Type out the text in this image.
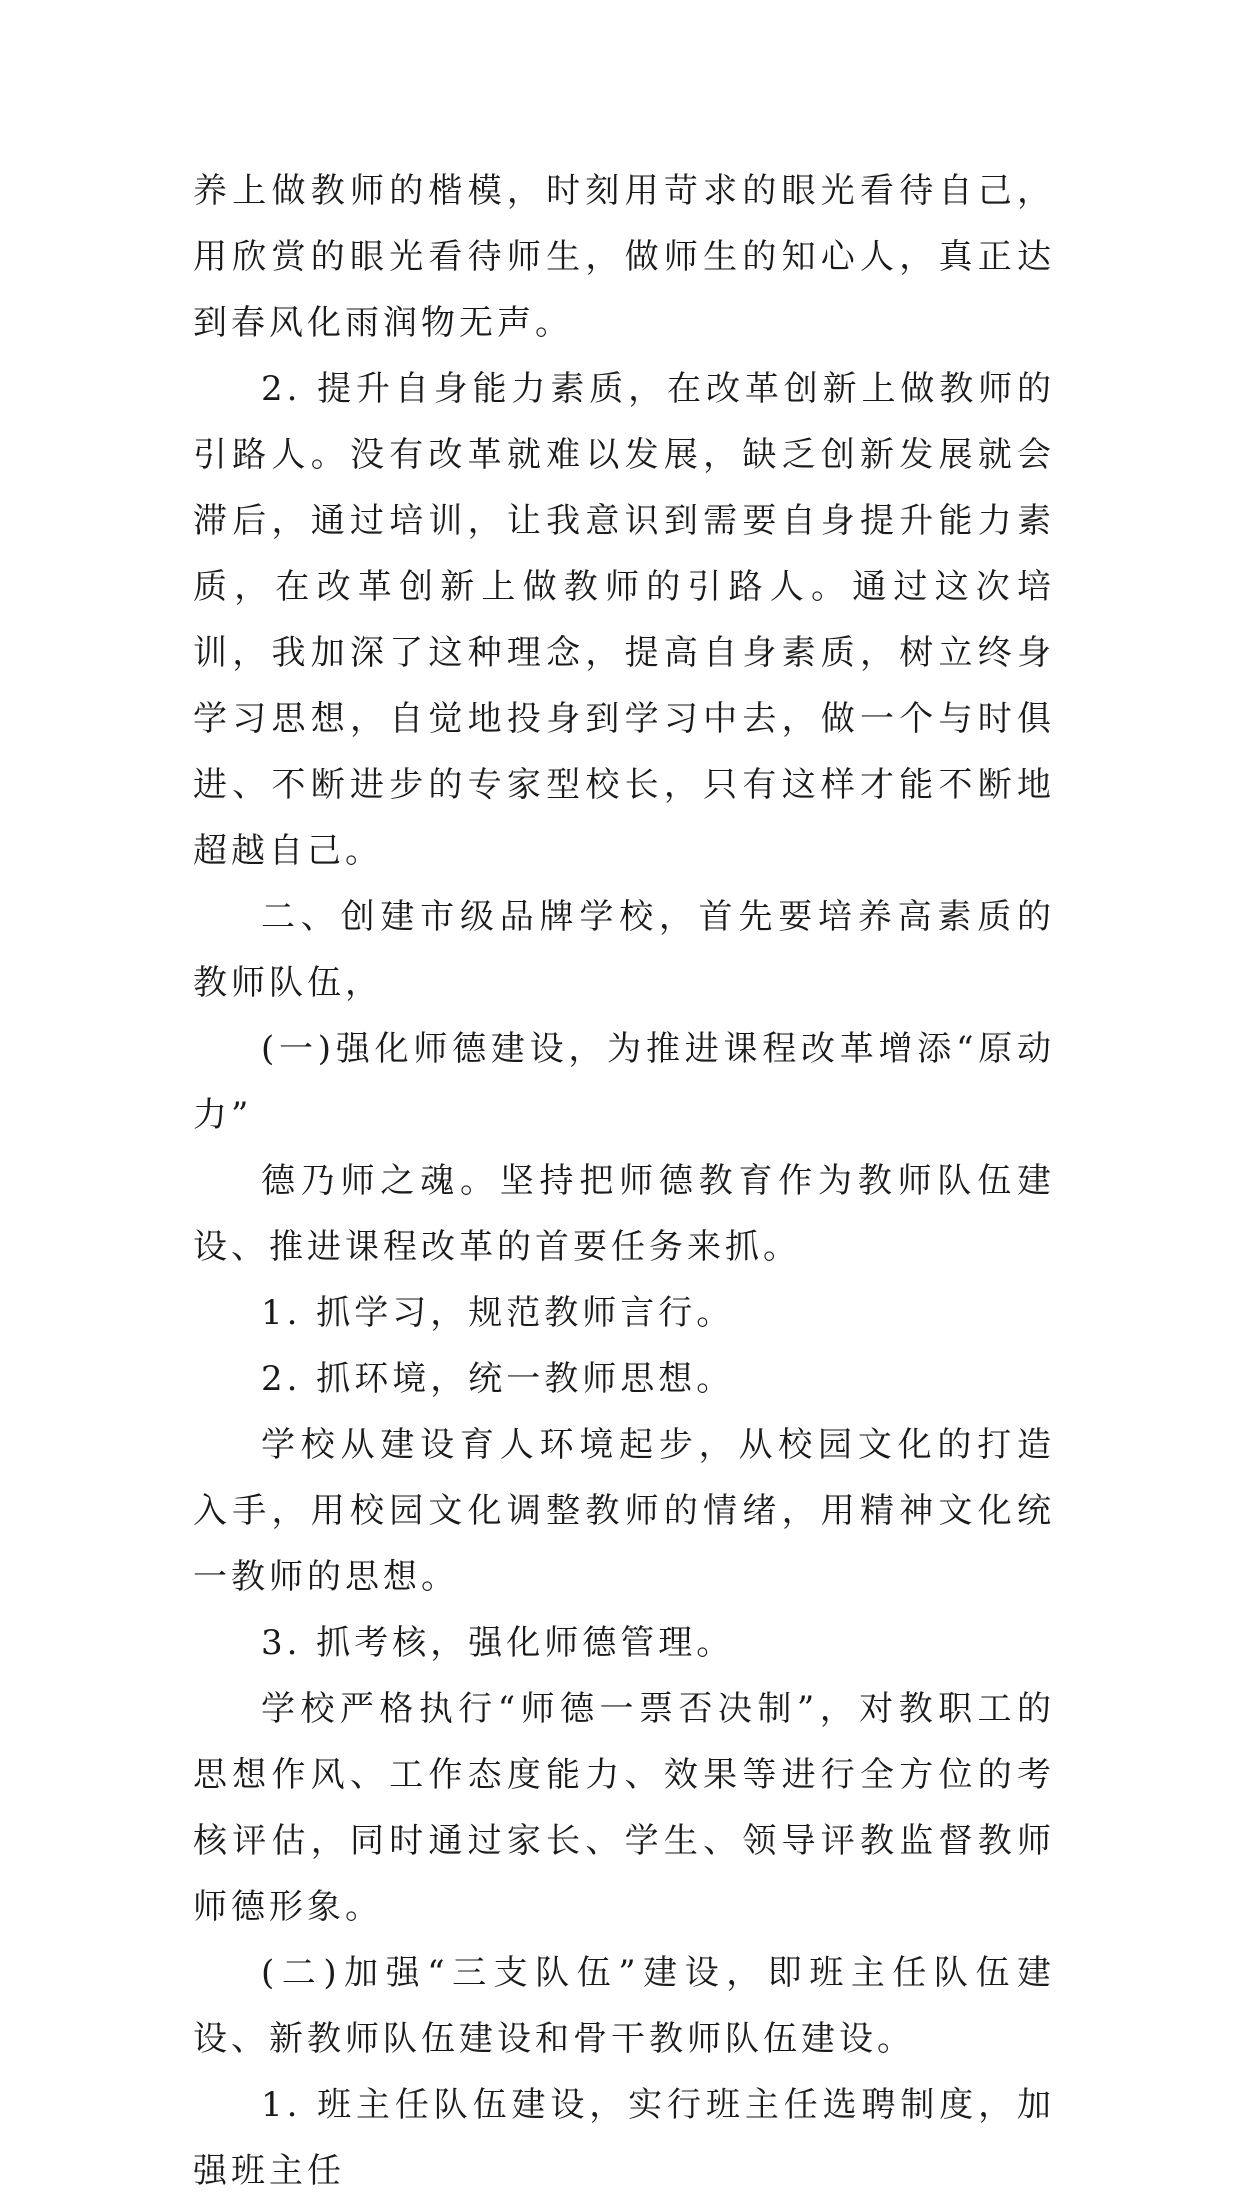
养上做教师的楷模，时刻用苛求的眼光看待自己，用欣赏的眼光看待师生，做师生的知心人，真正达到春风化雨润物无声。

2. 提升自身能力素质，在改革创新上做教师的引路人。没有改革就难以发展，缺乏创新发展就会滞后，通过培训，让我意识到需要自身提升能力素质，在改革创新上做教师的引路人。通过这次培训，我加深了这种理念，提高自身素质，树立终身学习思想，自觉地投身到学习中去，做一个与时俱进、不断进步的专家型校长，只有这样才能不断地超越自己。

二、创建市级品牌学校，首先要培养高素质的教师队伍，

(一)强化师德建设，为推进课程改革增添“原动力”

德乃师之魂。坚持把师德教育作为教师队伍建设、推进课程改革的首要任务来抓。

1. 抓学习，规范教师言行。

2. 抓环境，统一教师思想。

学校从建设育人环境起步，从校园文化的打造入手，用校园文化调整教师的情绪，用精神文化统一教师的思想。

3. 抓考核，强化师德管理。

学校严格执行“师德一票否决制”，对教职工的思想作风、工作态度能力、效果等进行全方位的考核评估，同时通过家长、学生、领导评教监督教师师德形象。

(二)加强“三支队伍”建设，即班主任队伍建设、新教师队伍建设和骨干教师队伍建设。

1. 班主任队伍建设，实行班主任选聘制度，加强班主任
